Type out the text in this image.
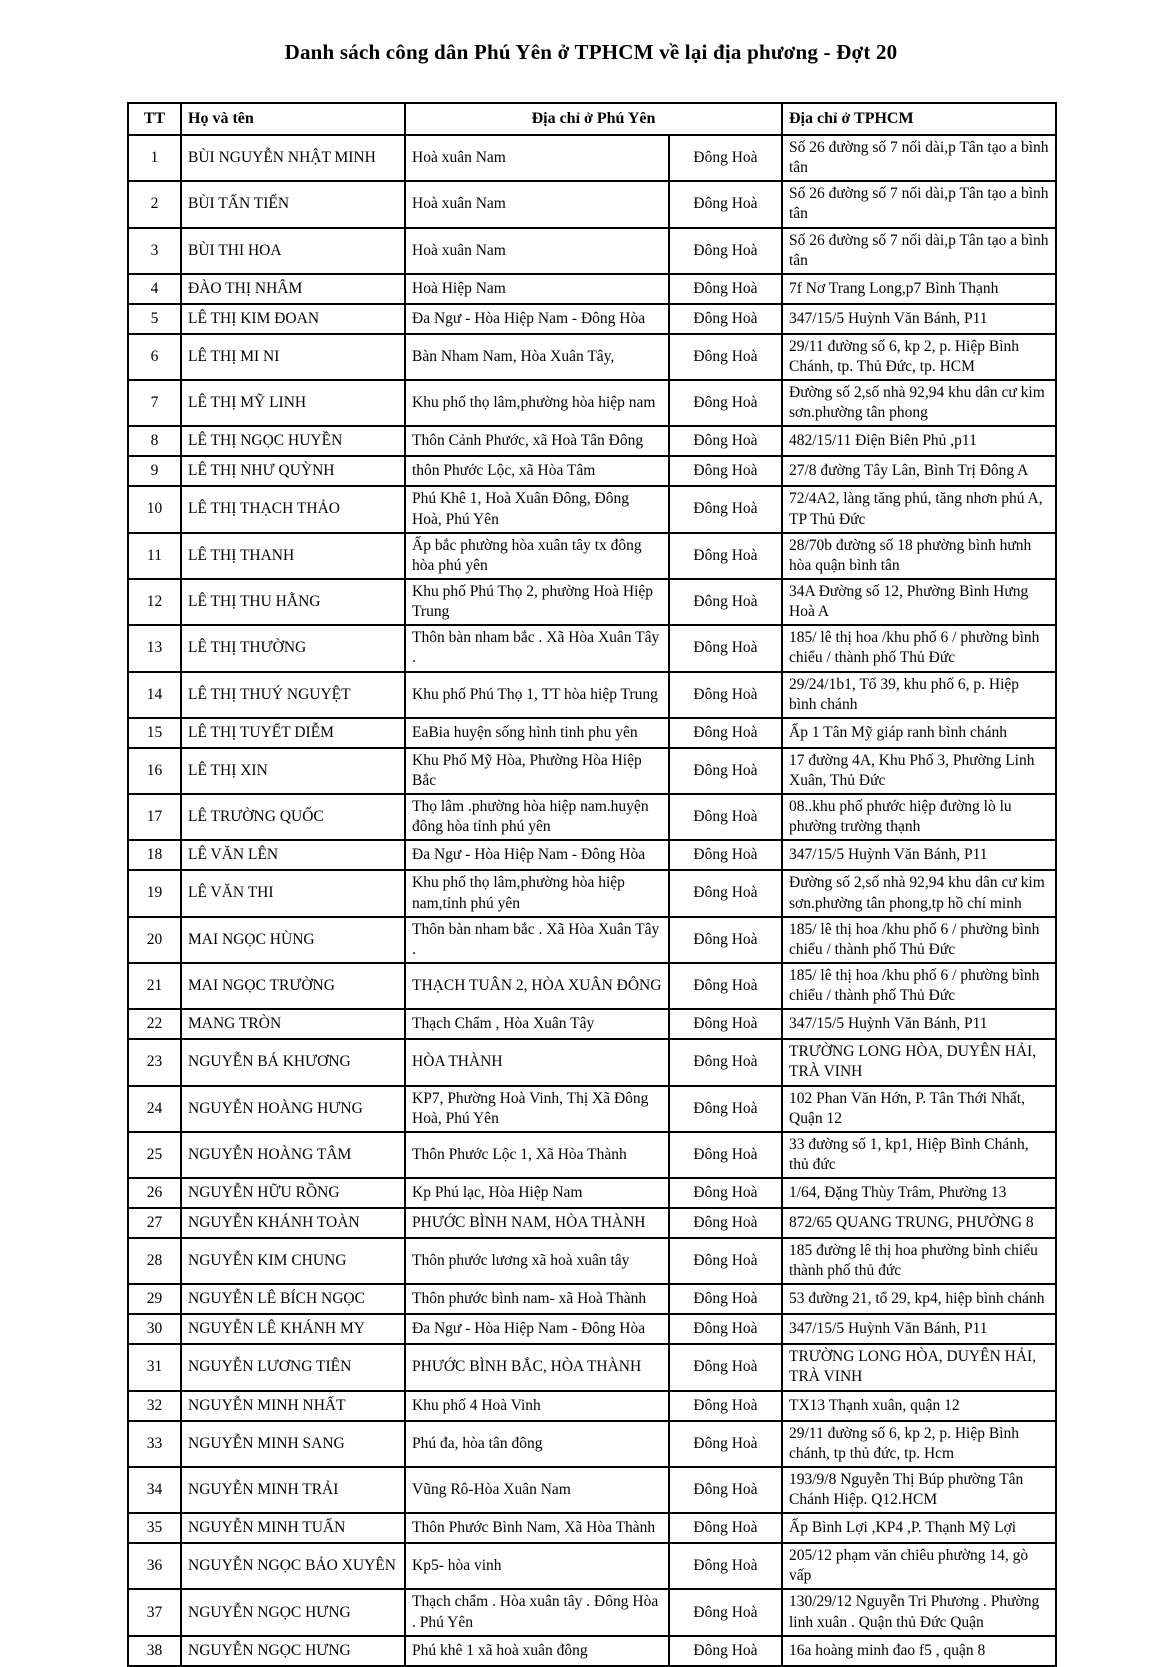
Danh sách công dân Phú Yên ở TPHCM về lại địa phương - Đợt 20
TT	Họ và tên	Địa chỉ ở Phú Yên		Địa chỉ ở TPHCM
1	BÙI NGUYỄN NHẬT MINH	Hoà xuân Nam	Đông Hoà	Số 26 đường số 7 nối dài,p Tân tạo a bình tân
2	BÙI TẤN TIẾN	Hoà xuân Nam	Đông Hoà	Số 26 đường số 7 nối dài,p Tân tạo a bình tân
3	BÙI THI HOA	Hoà xuân Nam	Đông Hoà	Số 26 đường số 7 nối dài,p Tân tạo a bình tân
4	ĐÀO THỊ NHÂM	Hoà Hiệp Nam	Đông Hoà	7f Nơ Trang Long,p7 Bình Thạnh
5	LÊ THỊ KIM ĐOAN	Đa Ngư - Hòa Hiệp Nam - Đông Hòa	Đông Hoà	347/15/5 Huỳnh Văn Bánh, P11
6	LÊ THỊ MI NI	Bàn Nham Nam, Hòa Xuân Tây,	Đông Hoà	29/11 đường số 6, kp 2, p. Hiệp Bình Chánh, tp. Thủ Đức, tp. HCM
7	LÊ THỊ MỸ LINH	Khu phố thọ lâm,phường hòa hiệp nam	Đông Hoà	Đường số 2,số nhà 92,94 khu dân cư kim sơn.phường tân phong
8	LÊ THỊ NGỌC HUYỀN	Thôn Cảnh Phước, xã Hoà Tân Đông	Đông Hoà	482/15/11 Điện Biên Phủ ,p11
9	LÊ THỊ NHƯ QUỲNH	thôn Phước Lộc, xã Hòa Tâm	Đông Hoà	27/8 đường Tây Lân, Bình Trị Đông A
10	LÊ THỊ THẠCH THẢO	Phú Khê 1, Hoà Xuân Đông, Đông Hoà, Phú Yên	Đông Hoà	72/4A2, làng tăng phú, tăng nhơn phú A, TP Thủ Đức
11	LÊ THỊ THANH	Ấp bắc phường hòa xuân tây tx đông hòa phú yên	Đông Hoà	28/70b đường số 18 phường bình hưnh hòa quận bình tân
12	LÊ THỊ THU HẰNG	Khu phố Phú Thọ 2, phường Hoà Hiệp Trung	Đông Hoà	34A Đường số 12, Phường Bình Hưng Hoà A
13	LÊ THỊ THƯỜNG	Thôn bàn nham bắc . Xã Hòa Xuân Tây .	Đông Hoà	185/ lê thị hoa /khu phố 6 / phường bình chiểu / thành phố Thủ Đức
14	LÊ THỊ THUÝ NGUYỆT	Khu phố Phú Thọ 1, TT hòa hiệp Trung	Đông Hoà	29/24/1b1, Tổ 39, khu phố 6, p. Hiệp bình chánh
15	LÊ THỊ TUYẾT DIỄM	EaBia huyện sống hình tinh phu yên	Đông Hoà	Ấp 1 Tân Mỹ giáp ranh bình chánh
16	LÊ THỊ XIN	Khu Phố Mỹ Hòa, Phường Hòa Hiệp Bắc	Đông Hoà	17 đường 4A, Khu Phố 3, Phường Linh Xuân, Thủ Đức
17	LÊ TRƯỜNG QUỐC	Thọ lâm .phường hòa hiệp nam.huyện đông hòa tỉnh phú yên	Đông Hoà	08..khu phố phước hiệp đường lò lu phường trường thạnh
18	LÊ VĂN LÊN	Đa Ngư - Hòa Hiệp Nam - Đông Hòa	Đông Hoà	347/15/5 Huỳnh Văn Bánh, P11
19	LÊ VĂN THI	Khu phố thọ lâm,phường hòa hiệp nam,tỉnh phú yên	Đông Hoà	Đường số 2,số nhà 92,94 khu dân cư kim sơn.phường tân phong,tp hồ chí minh
20	MAI NGỌC HÙNG	Thôn bàn nham bắc . Xã Hòa Xuân Tây .	Đông Hoà	185/ lê thị hoa /khu phố 6 / phường bình chiểu / thành phố Thủ Đức
21	MAI NGỌC TRƯỜNG	THẠCH TUÂN 2, HÒA XUÂN ĐÔNG	Đông Hoà	185/ lê thị hoa /khu phố 6 / phường bình chiểu / thành phố Thủ Đức
22	MANG TRÒN	Thạch Chẩm , Hòa Xuân Tây	Đông Hoà	347/15/5 Huỳnh Văn Bánh, P11
23	NGUYỄN BÁ KHƯƠNG	HÒA THÀNH	Đông Hoà	TRƯỜNG LONG HÒA, DUYÊN HẢI, TRÀ VINH
24	NGUYỄN HOÀNG HƯNG	KP7, Phường Hoà Vinh, Thị Xã Đông Hoà, Phú Yên	Đông Hoà	102 Phan Văn Hớn, P. Tân Thới Nhất, Quận 12
25	NGUYỄN HOÀNG TÂM	Thôn Phước Lộc 1, Xã Hòa Thành	Đông Hoà	33 đường số 1, kp1, Hiệp Bình Chánh, thủ đức
26	NGUYỄN HỮU RỒNG	Kp Phú lạc, Hòa Hiệp Nam	Đông Hoà	1/64, Đặng Thùy Trâm, Phường 13
27	NGUYỄN KHÁNH TOÀN	PHƯỚC BÌNH NAM, HÒA THÀNH	Đông Hoà	872/65 QUANG TRUNG, PHƯỜNG 8
28	NGUYỄN KIM CHUNG	Thôn phước lương xã hoà xuân tây	Đông Hoà	185 đường lê thị hoa phường bình chiểu thành phố thủ đức
29	NGUYỄN LÊ BÍCH NGỌC	Thôn phước bình nam- xã Hoà Thành	Đông Hoà	53 đường 21, tổ 29, kp4, hiệp bình chánh
30	NGUYỄN LÊ KHÁNH MY	Đa Ngư - Hòa Hiệp Nam - Đông Hòa	Đông Hoà	347/15/5 Huỳnh Văn Bánh, P11
31	NGUYỄN LƯƠNG TIÊN	PHƯỚC BÌNH BẮC, HÒA THÀNH	Đông Hoà	TRƯỜNG LONG HÒA, DUYÊN HẢI, TRÀ VINH
32	NGUYỄN MINH NHẤT	Khu phố 4 Hoà Vinh	Đông Hoà	TX13 Thạnh xuân, quận 12
33	NGUYỄN MINH SANG	Phú đa, hòa tân đông	Đông Hoà	29/11 đường số 6, kp 2, p. Hiệp Bình chánh, tp thủ đức, tp. Hcm
34	NGUYỄN MINH TRẢI	Vũng Rô-Hòa Xuân Nam	Đông Hoà	193/9/8 Nguyễn Thị Búp phường Tân Chánh Hiệp. Q12.HCM
35	NGUYỄN MINH TUẤN	Thôn Phước Bình Nam, Xã Hòa Thành	Đông Hoà	Ấp Bình Lợi ,KP4 ,P. Thạnh Mỹ Lợi
36	NGUYỄN NGỌC BẢO XUYÊN	Kp5- hòa vinh	Đông Hoà	205/12 phạm văn chiêu phường 14, gò vấp
37	NGUYỄN NGỌC HƯNG	Thạch chẩm . Hòa xuân tây . Đông Hòa . Phú Yên	Đông Hoà	130/29/12 Nguyễn Tri Phương . Phường linh xuân . Quận thủ Đức Quận
38	NGUYỄN NGỌC HƯNG	Phú khê 1 xã hoà xuân đông	Đông Hoà	16a hoàng minh đao f5 , quận 8
